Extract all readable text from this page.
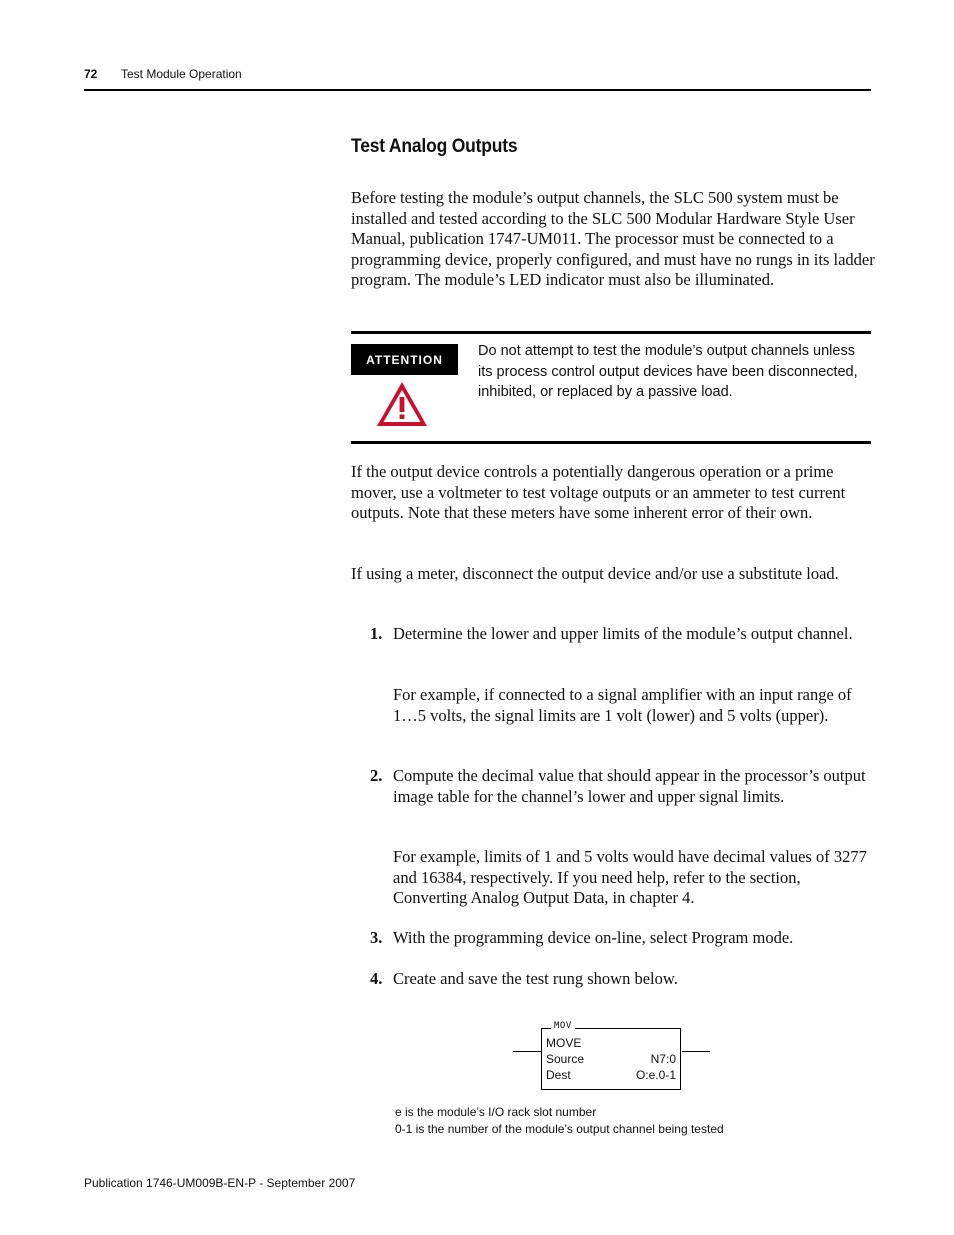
72 Test Module Operation
Test Analog Outputs
Before testing the module’s output channels, the SLC 500 system must be installed and tested according to the SLC 500 Modular Hardware Style User Manual, publication 1747-UM011. The processor must be connected to a programming device, properly configured, and must have no rungs in its ladder program. The module’s LED indicator must also be illuminated.
ATTENTION
Do not attempt to test the module’s output channels unless its process control output devices have been disconnected, inhibited, or replaced by a passive load.
If the output device controls a potentially dangerous operation or a prime mover, use a voltmeter to test voltage outputs or an ammeter to test current outputs. Note that these meters have some inherent error of their own.
If using a meter, disconnect the output device and/or use a substitute load.
1. Determine the lower and upper limits of the module’s output channel.
For example, if connected to a signal amplifier with an input range of 1…5 volts, the signal limits are 1 volt (lower) and 5 volts (upper).
2. Compute the decimal value that should appear in the processor’s output image table for the channel’s lower and upper signal limits.
For example, limits of 1 and 5 volts would have decimal values of 3277 and 16384, respectively. If you need help, refer to the section, Converting Analog Output Data, in chapter 4.
3. With the programming device on-line, select Program mode.
4. Create and save the test rung shown below.
MOV
MOVE
Source	N7:0
Dest	O:e.0-1
e is the module’s I/O rack slot number
0-1 is the number of the module’s output channel being tested
Publication 1746-UM009B-EN-P - September 2007
